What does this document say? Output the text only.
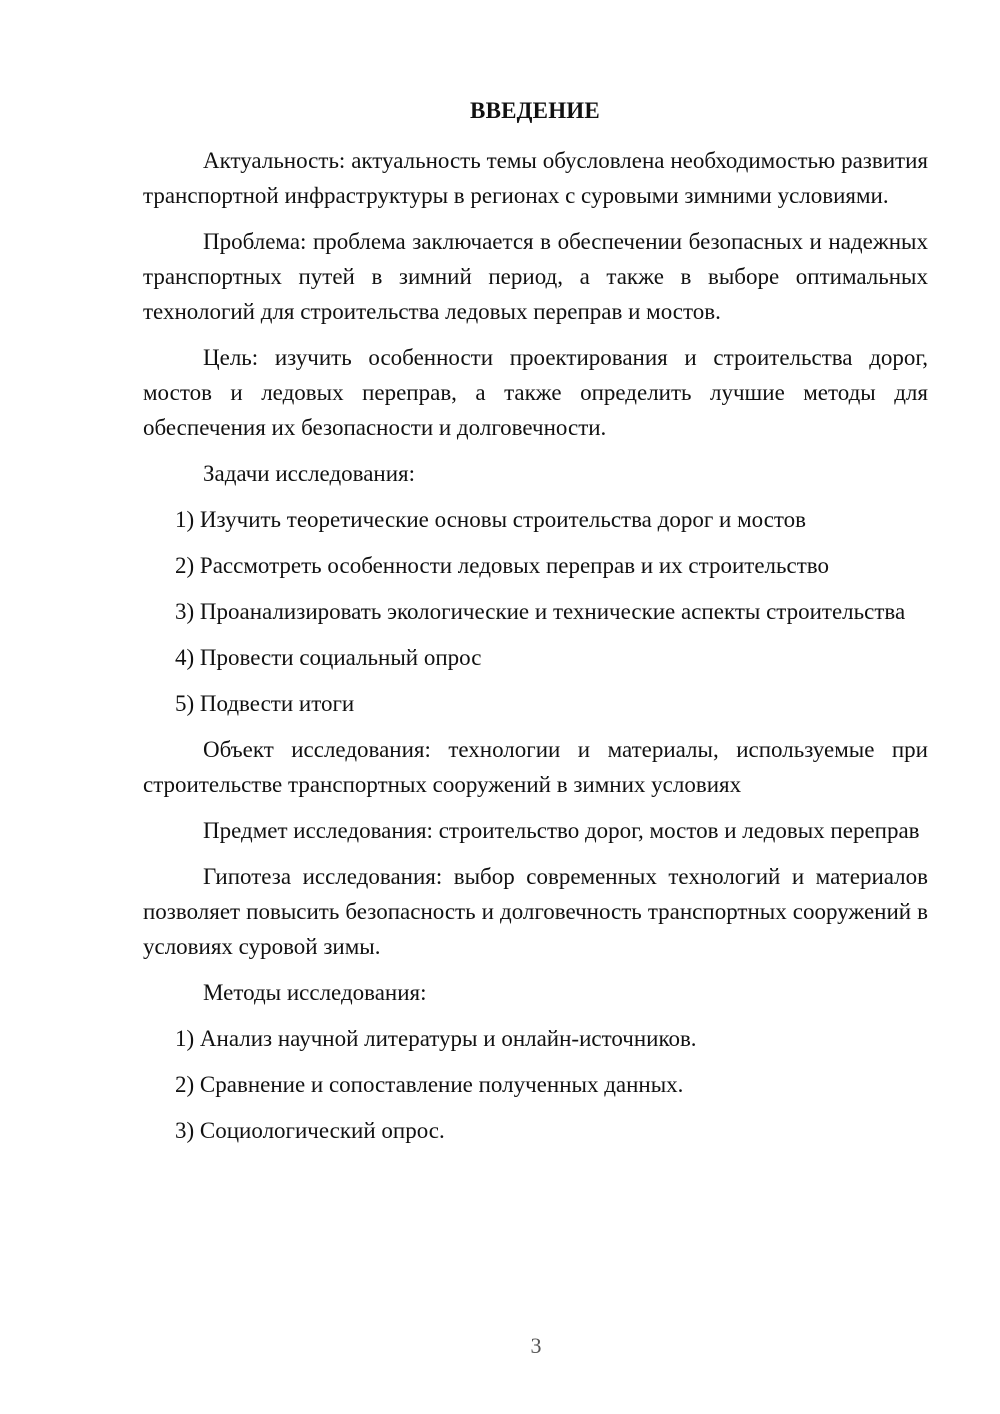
ВВЕДЕНИЕ

Актуальность: актуальность темы обусловлена необходимостью развития транспортной инфраструктуры в регионах с суровыми зимними условиями.

Проблема: проблема заключается в обеспечении безопасных и надежных транспортных путей в зимний период, а также в выборе оптимальных технологий для строительства ледовых переправ и мостов.

Цель: изучить особенности проектирования и строительства дорог, мостов и ледовых переправ, а также определить лучшие методы для обеспечения их безопасности и долговечности.

Задачи исследования:

1) Изучить теоретические основы строительства дорог и мостов

2) Рассмотреть особенности ледовых переправ и их строительство

3) Проанализировать экологические и технические аспекты строительства

4) Провести социальный опрос

5) Подвести итоги

Объект исследования: технологии и материалы, используемые при строительстве транспортных сооружений в зимних условиях

Предмет исследования: строительство дорог, мостов и ледовых переправ

Гипотеза исследования: выбор современных технологий и материалов позволяет повысить безопасность и долговечность транспортных сооружений в условиях суровой зимы.

Методы исследования:

1) Анализ научной литературы и онлайн-источников.

2) Сравнение и сопоставление полученных данных.

3) Социологический опрос.

3
